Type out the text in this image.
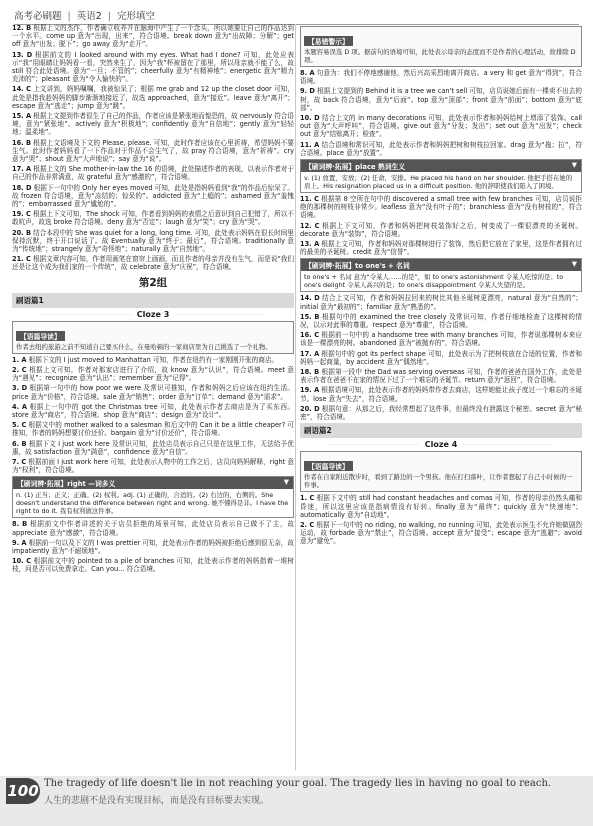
高考必刷题 | 英语2 | 完形填空

12. B 根据上文的杰作，作者确立收养并在脑海中产生了一个念头，所以她要让自己的作品达到一个水平。come up 意为“出现，出来”，符合语境。break down 意为“出故障；分解”；get off 意为“出发；脱下”；go away 意为“走开”。

13. D 根据前文的 I looked around with my eyes. What had I done? 可知，此处应表示“我”用眼睛让妈妈看一看，突然来生了，因为“我”杯被留在了那里，所以母亲就不能了么，故 still 符合此处语境。意为“一旦；不管的”；cheerfully 意为“有精神地”；energetic 意为“精力充沛的”；pleasant 意为“令人愉快的”。

14. C 上文讲到，妈妈嘱嘱，我被惊呆了；根据 me grab and 12 up the closet door 可知，此处是指我趁妈妈的脚步渐渐地接近了，故选 approached，意为“接近”。leave 意为“离开”；escape 意为“逃走”；jump 意为“跳”。

15. A 根据上文提到作者很生了自己的作品，作者应该是紧张地而惶恐的，故 nervously 符合语境，意为“紧张地”。actively 意为“积极地”；confidently 意为“自信地”；gently 意为“轻轻地；温柔地”。

16. B 根据上文语境及下文的 Please, please. 可知，此时作者应该在心里祈祷，希望妈妈不要生气。此时作者妈妈看了一下作品对于作品不会生气了，故 pray 符合语境，意为“祈祷”。cry 意为“哭”；shout 意为“大声地说”；say 意为“说”。

17. A 根据上文的 She mother-in-law the 16 的语境，此处描述作者的表现，以表示作者对于自己的作品非常满意，故 grateful 意为“感激的”，符合语境。

18. D 根据下一句中的 Only her eyes moved 可知，此处是指妈妈看到“我”的作品后惊呆了。故 frozen 符合语境，意为“冻结的；惊呆的”。addicted 意为“上瘾的”；ashamed 意为“羞愧的”；embarrassed 意为“尴尬的”。

19. C 根据上下文可知，The shock 可知，作者看到妈妈的表情之后意识到自己犯错了，所以不敢吭声，故选 broke 符合语境。deny 意为“否定”；laugh 意为“笑”；cry 意为“哭”。

20. B 结合本段中的 She was quiet for a long, long time. 可知，此处表示妈妈在很长时间里保持沉默，终于开口说话了。故 Eventually 意为“终于；最后”，符合语境。traditionally 意为“传统地”；strangely 意为“奇怪地”；naturally 意为“自然地”。

21. C 根据文章内容可知，作者用画笔在窗帘上画画，而且作者的母亲并没有生气，而是说“我们还是让这个成为我们家的一个传统”，故 celebrate 意为“庆祝”，符合语境。

第2组
刷语篇1
Cloze 3
【语篇导读】
作者去纽约旅游之前不知道自己要买什么，在曼哈顿的一家商店里为自己挑选了一个礼物。

1. A 根据下文的 I just moved to Manhattan 可知，作者在纽约有一家刚刚开张的商店。

2. C 根据上文可知，作者对那家店进行了介绍，故 know 意为“认识”，符合语境。meet 意为“遇见”；recognize 意为“认出”；remember 意为“记得”。

3. D 根据第一句中的 how poor we were 及常识可推知，作者和妈妈之后应该在纽约生活。price 意为“价格”，符合语境。sale 意为“销售”；order 意为“订单”；demand 意为“需求”。

4. A 根据上一句中的 got the Christmas tree 可知，此处表示作者去商店是为了买东西。store 意为“商店”，符合语境。shop 意为“商店”；design 意为“设计”。

5. C 根据文中的 mother walked to a salesman 和后文中的 Can it be a little cheaper? 可推知，作者的妈妈想要讨价还价。bargain 意为“讨价还价”，符合语境。

6. B 根据下文 I just work here 及常识可知，此处店员表示自己只是在这里工作，无法给予优惠，故 satisfaction 意为“满意”，confidence 意为“自信”。

7. C 根据前面 I just work here 可知，此处表示人物中的工作之后，店员向妈妈解释，right 意为“权利”，符合语境。

【刷词辨·拓展】right —词多义	▼
n. (1) 正当；正义；正确。(2) 权利。adj. (1) 正确的，合适的。(2) 右边的，右侧的。She doesn't understand the difference between right and wrong. 她不懂得是非。I have the right to do it. 我有权利做这件事。

8. B 根据前文中作者讲述的关于店员拒绝的场景可知，此处店员表示自己做不了主，故 appreciate 意为“感激”，符合语境。

9. A 根据前一句以及下文的 I was prettier 可知，此处表示作者的妈妈被拒绝后感到很无奈，故 impatiently 意为“不耐烦地”。

10. C 根据前文中的 pointed to a pile of branches 可知，此处表示作者的妈妈指着一堆树枝，问是否可以免费拿走。Can you... 符合语境。

【易错警示】
本题容易误选 D 项。据前句的语境可知，此处表示母亲的态度而不是作者的心理活动，故排除 D 项。

8. A 句意为：我们不停地感谢他，然后兴高采烈地离开商店。a very 和 get 意为“得到”，符合语境。

9. D 根据上文提到的 Behind it is a tree we can't sell 可知，店员说她后面有一棵卖不出去的树，故 back 符合语境，意为“后面”。top 意为“顶部”；front 意为“前面”；bottom 意为“底部”。

10. D 结合上文的 in many decorations 可知，此处表示作者和妈妈给树上增添了装饰。call out 意为“大声呼叫”，符合语境。give out 意为“分发；发出”；set out 意为“出发”；check out 意为“结账离开；检查”。

11. A 结合语境和常识可知，此处表示作者和妈妈把树和树枝拉回家。drag 意为“拖；拉”，符合语境。place 意为“放置”。

【刷词辨·拓展】place 熟词生义	▼
v. (1) 放置，安放；(2) 任命，安排。He placed his hand on her shoulder. 他把手搭在她的肩上。His resignation placed us in a difficult position. 他的辞职使我们陷入了困境。

11. C 根据第 8 空所在句中的 discovered a small tree with few branches 可知，店员说拒绝的那棵树的树枝非常少。leafless 意为“没有叶子的”；branchless 意为“没有树枝的”，符合语境。

12. C 根据上下文可知，作者和妈妈把树枝装饰好之后，树变成了一棵很漂亮的圣诞树。decorate 意为“装饰”，符合语境。

13. A 根据上文可知，作者和妈妈对那棵树进行了装饰，然后把它放在了家里，这是作者拥有过的最美的圣诞树。credit 意为“信誉”。

【刷词辨·拓展】to one's + 名词	▼
to one's + 名词 意为“令某人……的是”，如 to one's astonishment 令某人吃惊的是；to one's delight 令某人高兴的是；to one's disappointment 令某人失望的是。

14. D 结合上文可知，作者和妈妈拉回来的树比其他圣诞树更漂亮，natural 意为“自然的”；initial 意为“最初的”；familiar 意为“熟悉的”。

15. B 根据句中的 examined the tree closely 及常识可知，作者仔细地检查了这棵树的情况，以示对此事的尊重。respect 意为“尊重”，符合语境。

16. C 根据前一句中的 a handsome tree with many branches 可知，作者说那棵树本来应该是一棵漂亮的树。abandoned 意为“被抛弃的”，符合语境。

17. A 根据句中的 got its perfect shape 可知，此处表示为了把树枝放在合适的位置，作者和妈妈一起商量，by accident 意为“偶然地”。

18. B 根据第一段中 the Dad was serving overseas 可知，作者的爸爸在国外工作，此处是表示作者在爸爸不在家的情况下过了一个难忘的圣诞节。return 意为“返回”，符合语境。

19. A 根据语境可知，此处表示作者的妈妈带作者去商店，这样她能让孩子度过一个难忘的圣诞节。lose 意为“失去”，符合语境。

20. D 根据句意：从那之后，我经常想起了这件事，但最终没有泄露这个秘密。secret 意为“秘密”，符合语境。

刷语篇2
Cloze 4
【语篇导读】
作者在自家附近散步时，看到了路边的一个男孩。他在打扫落叶，让作者想起了自己小时候的一件事。

1. C 根据下文中的 still had constant headaches and comas 可知，作者的母亲仍然头痛和昏迷，所以这里应该是指病情没有好转。finally 意为“最终”；quickly 意为“快速地”；automatically 意为“自动地”。

2. C 根据下一句中的 no riding, no walking, no running 可知，此处表示医生不允许她做剧烈运动，故 forbade 意为“禁止”，符合语境。accept 意为“接受”；escape 意为“逃避”；avoid 意为“避免”。

100 The tragedy of life doesn't lie in not reaching your goal. The tragedy lies in having no goal to reach.
人生的悲剧不是没有实现目标，而是没有目标要去实现。
